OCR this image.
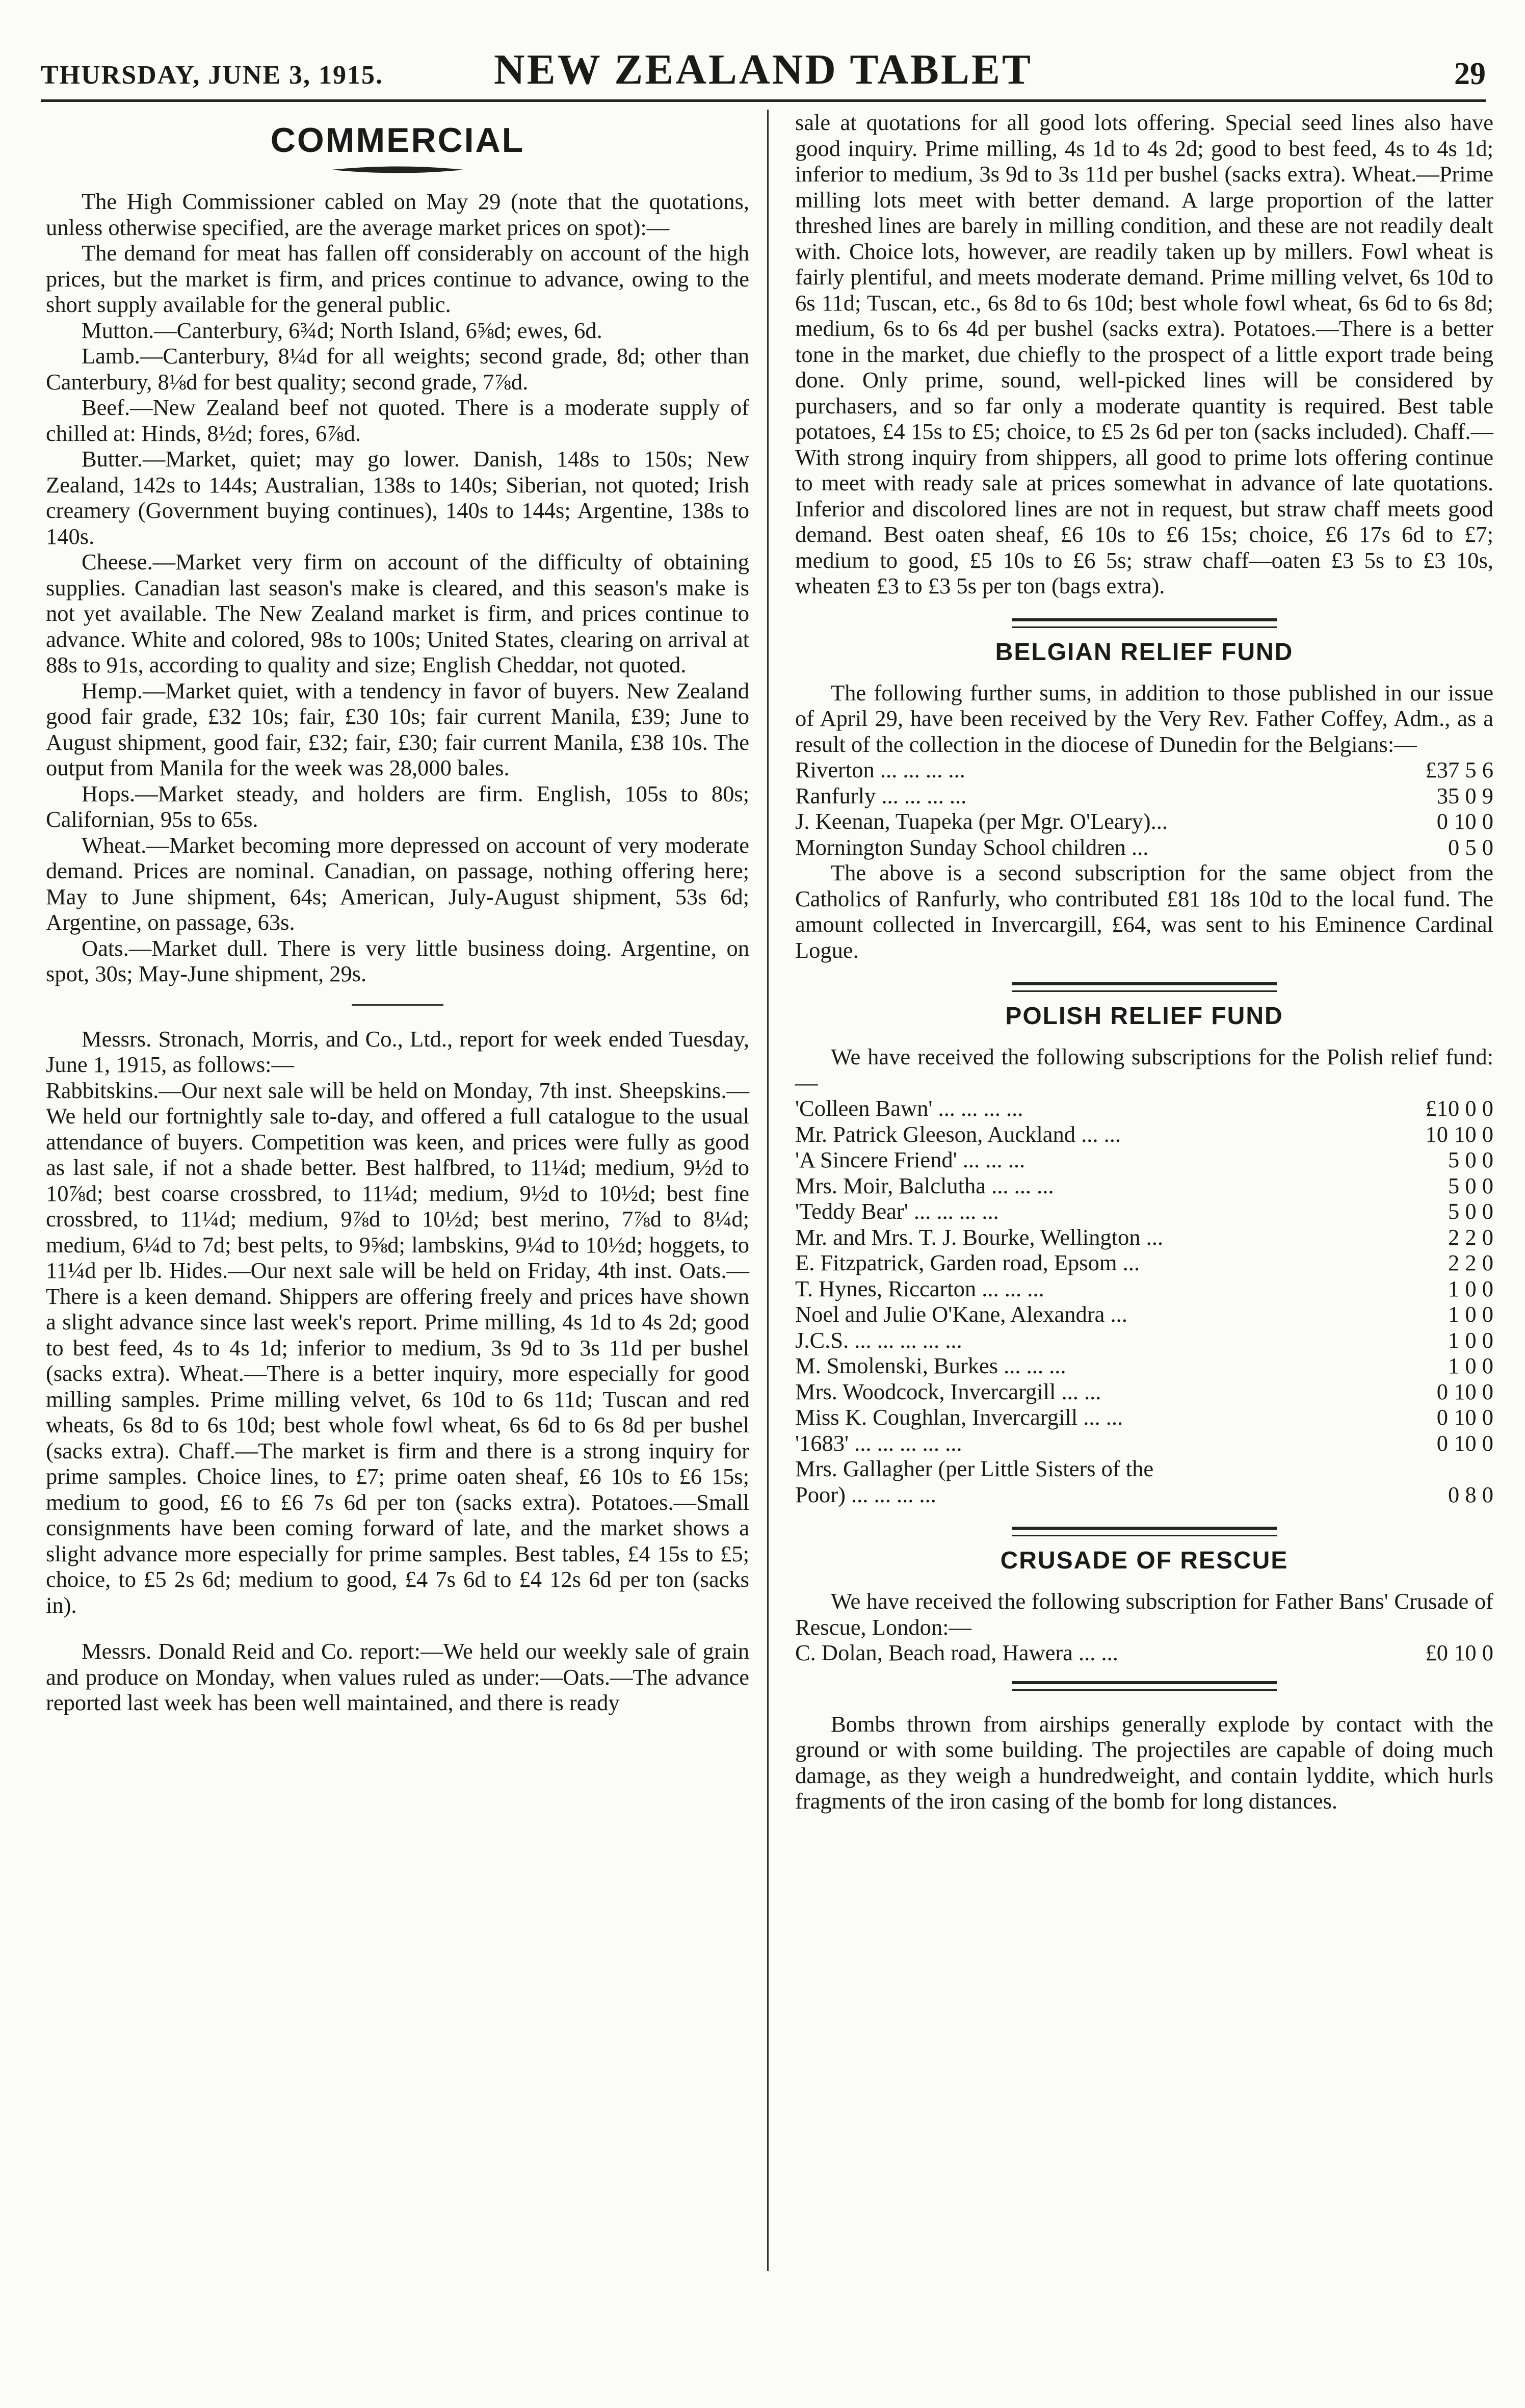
THURSDAY, JUNE 3, 1915.	NEW ZEALAND TABLET	29
COMMERCIAL

The High Commissioner cabled on May 29 (note that the quotations, unless otherwise specified, are the average market prices on spot):—

The demand for meat has fallen off considerably on account of the high prices, but the market is firm, and prices continue to advance, owing to the short supply available for the general public.

Mutton.—Canterbury, 6¾d; North Island, 6⅝d; ewes, 6d.

Lamb.—Canterbury, 8¼d for all weights; second grade, 8d; other than Canterbury, 8⅛d for best quality; second grade, 7⅞d.

Beef.—New Zealand beef not quoted. There is a moderate supply of chilled at: Hinds, 8½d; fores, 6⅞d.

Butter.—Market, quiet; may go lower. Danish, 148s to 150s; New Zealand, 142s to 144s; Australian, 138s to 140s; Siberian, not quoted; Irish creamery (Government buying continues), 140s to 144s; Argentine, 138s to 140s.

Cheese.—Market very firm on account of the difficulty of obtaining supplies. Canadian last season's make is cleared, and this season's make is not yet available. The New Zealand market is firm, and prices continue to advance. White and colored, 98s to 100s; United States, clearing on arrival at 88s to 91s, according to quality and size; English Cheddar, not quoted.

Hemp.—Market quiet, with a tendency in favor of buyers. New Zealand good fair grade, £32 10s; fair, £30 10s; fair current Manila, £39; June to August shipment, good fair, £32; fair, £30; fair current Manila, £38 10s. The output from Manila for the week was 28,000 bales.

Hops.—Market steady, and holders are firm. English, 105s to 80s; Californian, 95s to 65s.

Wheat.—Market becoming more depressed on account of very moderate demand. Prices are nominal. Canadian, on passage, nothing offering here; May to June shipment, 64s; American, July-August shipment, 53s 6d; Argentine, on passage, 63s.

Oats.—Market dull. There is very little business doing. Argentine, on spot, 30s; May-June shipment, 29s.

Messrs. Stronach, Morris, and Co., Ltd., report for week ended Tuesday, June 1, 1915, as follows:—

Rabbitskins.—Our next sale will be held on Monday, 7th inst. Sheepskins.—We held our fortnightly sale to-day, and offered a full catalogue to the usual attendance of buyers. Competition was keen, and prices were fully as good as last sale, if not a shade better. Best halfbred, to 11¼d; medium, 9½d to 10⅞d; best coarse crossbred, to 11¼d; medium, 9½d to 10½d; best fine crossbred, to 11¼d; medium, 9⅞d to 10½d; best merino, 7⅞d to 8¼d; medium, 6¼d to 7d; best pelts, to 9⅝d; lambskins, 9¼d to 10½d; hoggets, to 11¼d per lb. Hides.—Our next sale will be held on Friday, 4th inst. Oats.—There is a keen demand. Shippers are offering freely and prices have shown a slight advance since last week's report. Prime milling, 4s 1d to 4s 2d; good to best feed, 4s to 4s 1d; inferior to medium, 3s 9d to 3s 11d per bushel (sacks extra). Wheat.—There is a better inquiry, more especially for good milling samples. Prime milling velvet, 6s 10d to 6s 11d; Tuscan and red wheats, 6s 8d to 6s 10d; best whole fowl wheat, 6s 6d to 6s 8d per bushel (sacks extra). Chaff.—The market is firm and there is a strong inquiry for prime samples. Choice lines, to £7; prime oaten sheaf, £6 10s to £6 15s; medium to good, £6 to £6 7s 6d per ton (sacks extra). Potatoes.—Small consignments have been coming forward of late, and the market shows a slight advance more especially for prime samples. Best tables, £4 15s to £5; choice, to £5 2s 6d; medium to good, £4 7s 6d to £4 12s 6d per ton (sacks in).

Messrs. Donald Reid and Co. report:—We held our weekly sale of grain and produce on Monday, when values ruled as under:—Oats.—The advance reported last week has been well maintained, and there is ready

sale at quotations for all good lots offering. Special seed lines also have good inquiry. Prime milling, 4s 1d to 4s 2d; good to best feed, 4s to 4s 1d; inferior to medium, 3s 9d to 3s 11d per bushel (sacks extra). Wheat.—Prime milling lots meet with better demand. A large proportion of the latter threshed lines are barely in milling condition, and these are not readily dealt with. Choice lots, however, are readily taken up by millers. Fowl wheat is fairly plentiful, and meets moderate demand. Prime milling velvet, 6s 10d to 6s 11d; Tuscan, etc., 6s 8d to 6s 10d; best whole fowl wheat, 6s 6d to 6s 8d; medium, 6s to 6s 4d per bushel (sacks extra). Potatoes.—There is a better tone in the market, due chiefly to the prospect of a little export trade being done. Only prime, sound, well-picked lines will be considered by purchasers, and so far only a moderate quantity is required. Best table potatoes, £4 15s to £5; choice, to £5 2s 6d per ton (sacks included). Chaff.—With strong inquiry from shippers, all good to prime lots offering continue to meet with ready sale at prices somewhat in advance of late quotations. Inferior and discolored lines are not in request, but straw chaff meets good demand. Best oaten sheaf, £6 10s to £6 15s; choice, £6 17s 6d to £7; medium to good, £5 10s to £6 5s; straw chaff—oaten £3 5s to £3 10s, wheaten £3 to £3 5s per ton (bags extra).

BELGIAN RELIEF FUND

The following further sums, in addition to those published in our issue of April 29, have been received by the Very Rev. Father Coffey, Adm., as a result of the collection in the diocese of Dunedin for the Belgians:—

Riverton ... ... ... ...	£37 5 6
Ranfurly ... ... ... ...	35 0 9
J. Keenan, Tuapeka (per Mgr. O'Leary)...	0 10 0
Mornington Sunday School children ...	0 5 0

The above is a second subscription for the same object from the Catholics of Ranfurly, who contributed £81 18s 10d to the local fund. The amount collected in Invercargill, £64, was sent to his Eminence Cardinal Logue.

POLISH RELIEF FUND

We have received the following subscriptions for the Polish relief fund:—

'Colleen Bawn' ... ... ... ...	£10 0 0
Mr. Patrick Gleeson, Auckland ... ...	10 10 0
'A Sincere Friend' ... ... ...	5 0 0
Mrs. Moir, Balclutha ... ... ...	5 0 0
'Teddy Bear' ... ... ... ...	5 0 0
Mr. and Mrs. T. J. Bourke, Wellington ...	2 2 0
E. Fitzpatrick, Garden road, Epsom ...	2 2 0
T. Hynes, Riccarton ... ... ...	1 0 0
Noel and Julie O'Kane, Alexandra ...	1 0 0
J.C.S. ... ... ... ... ...	1 0 0
M. Smolenski, Burkes ... ... ...	1 0 0
Mrs. Woodcock, Invercargill ... ...	0 10 0
Miss K. Coughlan, Invercargill ... ...	0 10 0
'1683' ... ... ... ... ...	0 10 0
Mrs. Gallagher (per Little Sisters of the	
Poor) ... ... ... ...	0 8 0
CRUSADE OF RESCUE

We have received the following subscription for Father Bans' Crusade of Rescue, London:—

C. Dolan, Beach road, Hawera ... ...	£0 10 0

Bombs thrown from airships generally explode by contact with the ground or with some building. The projectiles are capable of doing much damage, as they weigh a hundredweight, and contain lyddite, which hurls fragments of the iron casing of the bomb for long distances.
